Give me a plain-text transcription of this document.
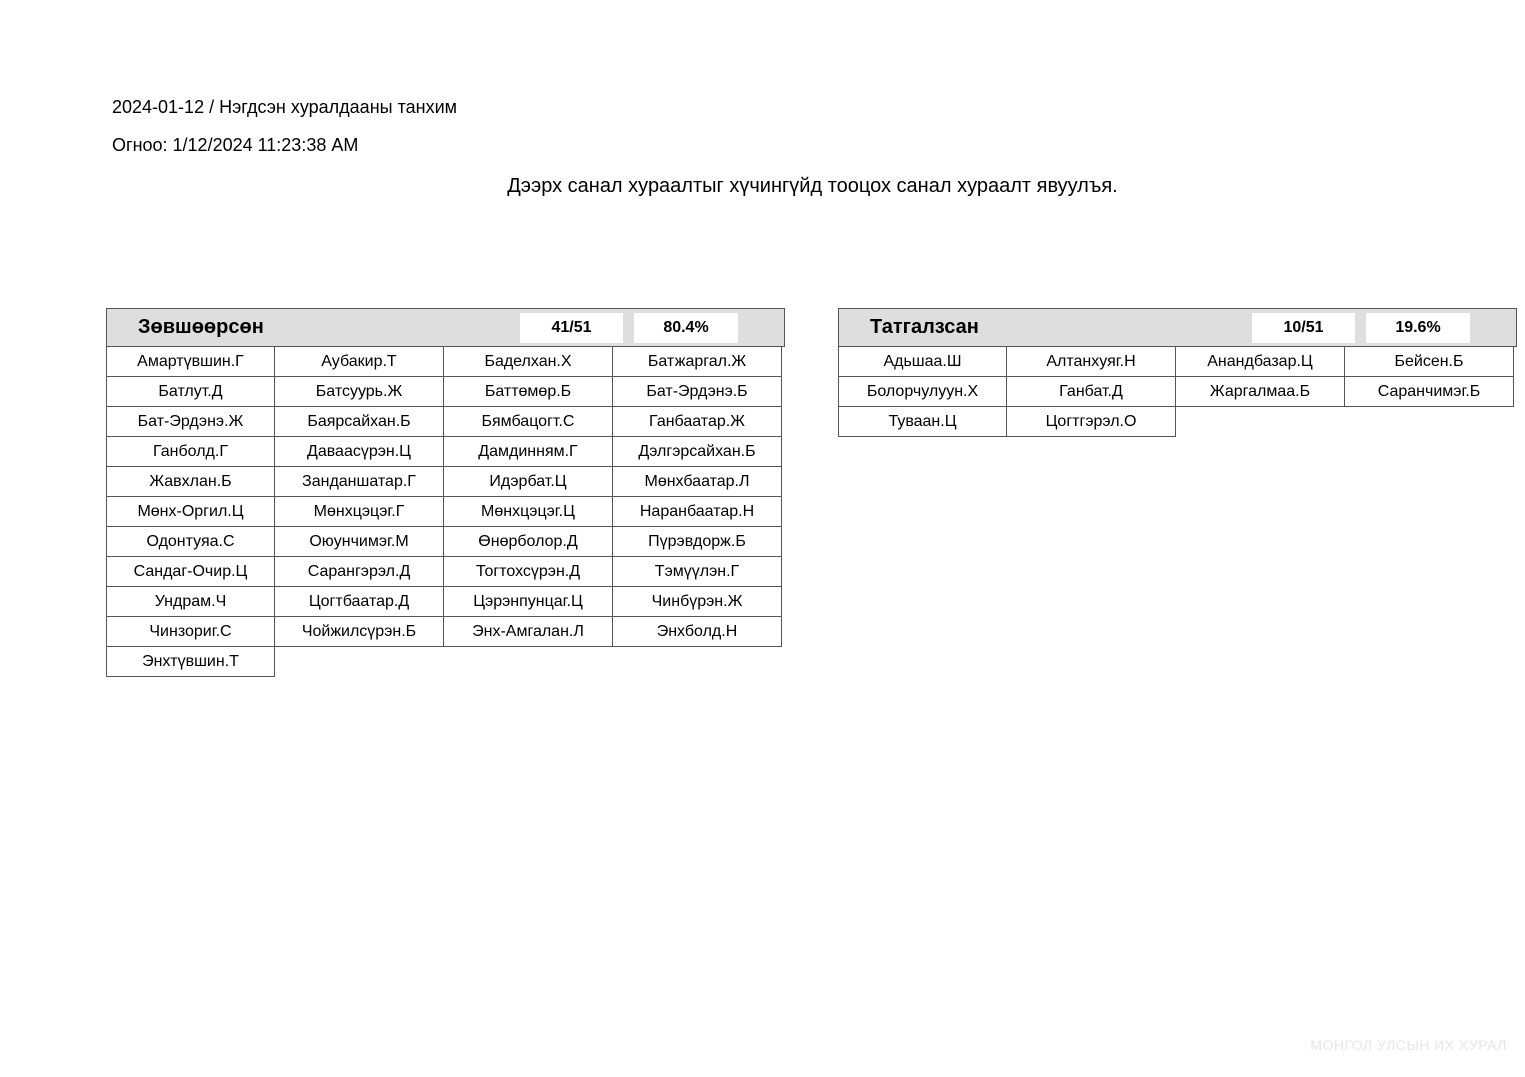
2024-01-12 / Нэгдсэн хуралдааны танхим
Огноо: 1/12/2024 11:23:38 AM
Дээрх санал хураалтыг хүчингүйд тооцох санал хураалт явуулъя.
Зөвшөөрсөн	41/51	80.4%
Амартүвшин.Г	Аубакир.Т	Баделхан.Х	Батжаргал.Ж
Батлут.Д	Батсуурь.Ж	Баттөмөр.Б	Бат-Эрдэнэ.Б
Бат-Эрдэнэ.Ж	Баярсайхан.Б	Бямбацогт.С	Ганбаатар.Ж
Ганболд.Г	Даваасүрэн.Ц	Дамдинням.Г	Дэлгэрсайхан.Б
Жавхлан.Б	Занданшатар.Г	Идэрбат.Ц	Мөнхбаатар.Л
Мөнх-Оргил.Ц	Мөнхцэцэг.Г	Мөнхцэцэг.Ц	Наранбаатар.Н
Одонтуяа.С	Оюунчимэг.М	Өнөрболор.Д	Пүрэвдорж.Б
Сандаг-Очир.Ц	Сарангэрэл.Д	Тогтохсүрэн.Д	Тэмүүлэн.Г
Ундрам.Ч	Цогтбаатар.Д	Цэрэнпунцаг.Ц	Чинбүрэн.Ж
Чинзориг.С	Чойжилсүрэн.Б	Энх-Амгалан.Л	Энхболд.Н
Энхтүвшин.Т
Татгалзсан	10/51	19.6%
Адьшаа.Ш	Алтанхуяг.Н	Анандбазар.Ц	Бейсен.Б
Болорчулуун.Х	Ганбат.Д	Жаргалмаа.Б	Саранчимэг.Б
Туваан.Ц	Цогтгэрэл.О
МОНГОЛ УЛСЫН ИХ ХУРАЛ
